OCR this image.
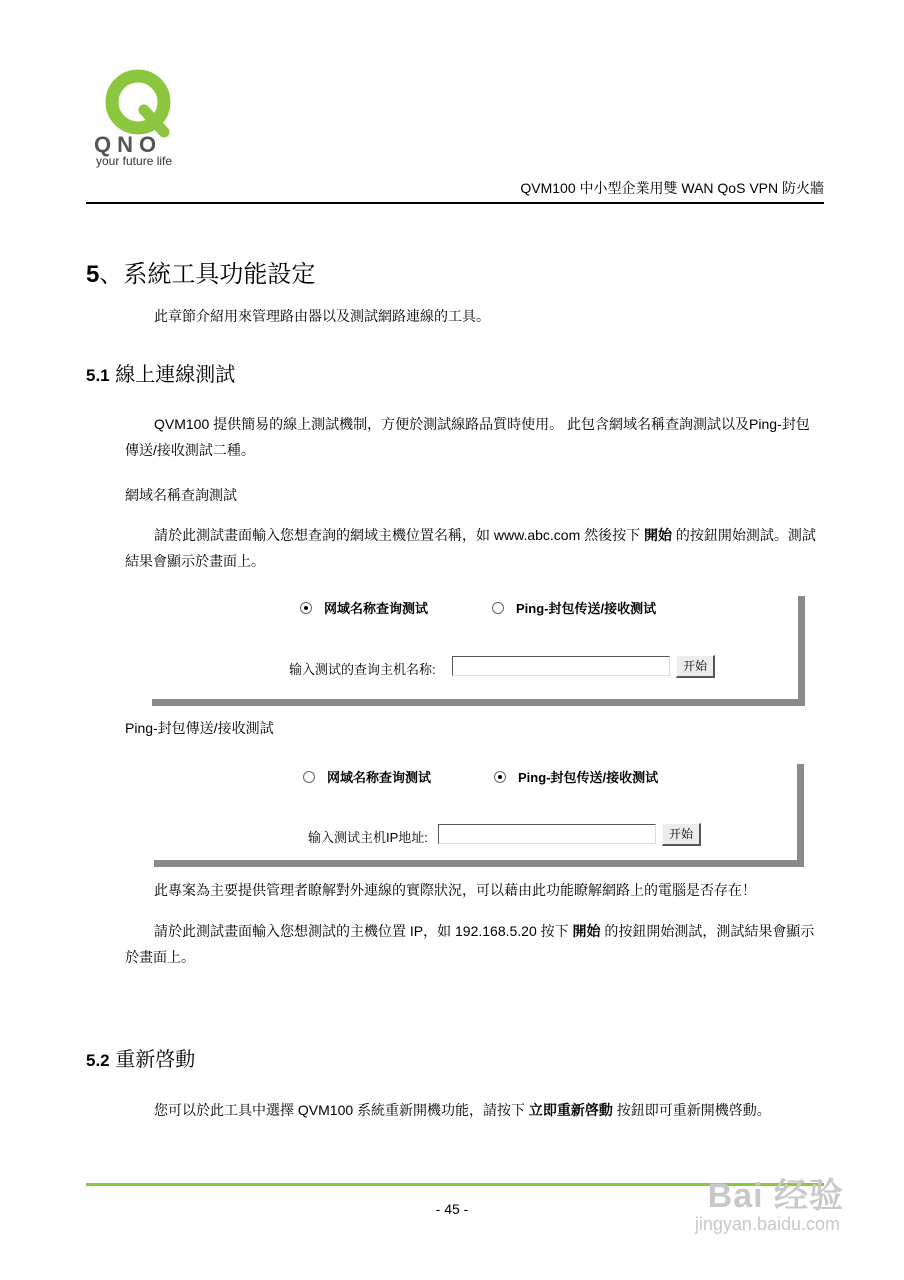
QNO
your future life
QVM100 中小型企業用雙 WAN QoS VPN 防火牆
5、系統工具功能設定

此章節介紹用來管理路由器以及測試網路連線的工具。

5.1 線上連線測試

QVM100 提供簡易的線上測試機制，方便於測試線路品質時使用。 此包含網域名稱查詢測試以及Ping-封包傳送/接收測試二種。

網域名稱查詢測試

請於此測試畫面輸入您想查詢的網域主機位置名稱，如 www.abc.com 然後按下 開始 的按鈕開始測試。測試結果會顯示於畫面上。

网域名称查询测试	Ping-封包传送/接收测试
输入测试的查询主机名称:	开始
Ping-封包傳送/接收測試
网域名称查询测试	Ping-封包传送/接收测试
输入测试主机IP地址:	开始

此專案為主要提供管理者瞭解對外連線的實際狀況，可以藉由此功能瞭解網路上的電腦是否存在！

請於此測試畫面輸入您想測試的主機位置 IP，如 192.168.5.20 按下 開始 的按鈕開始測試，測試結果會顯示於畫面上。

5.2 重新啓動

您可以於此工具中選擇 QVM100 系統重新開機功能，請按下 立即重新啓動 按鈕即可重新開機啓動。

- 45 -	Bai 经验
jingyan.baidu.com
